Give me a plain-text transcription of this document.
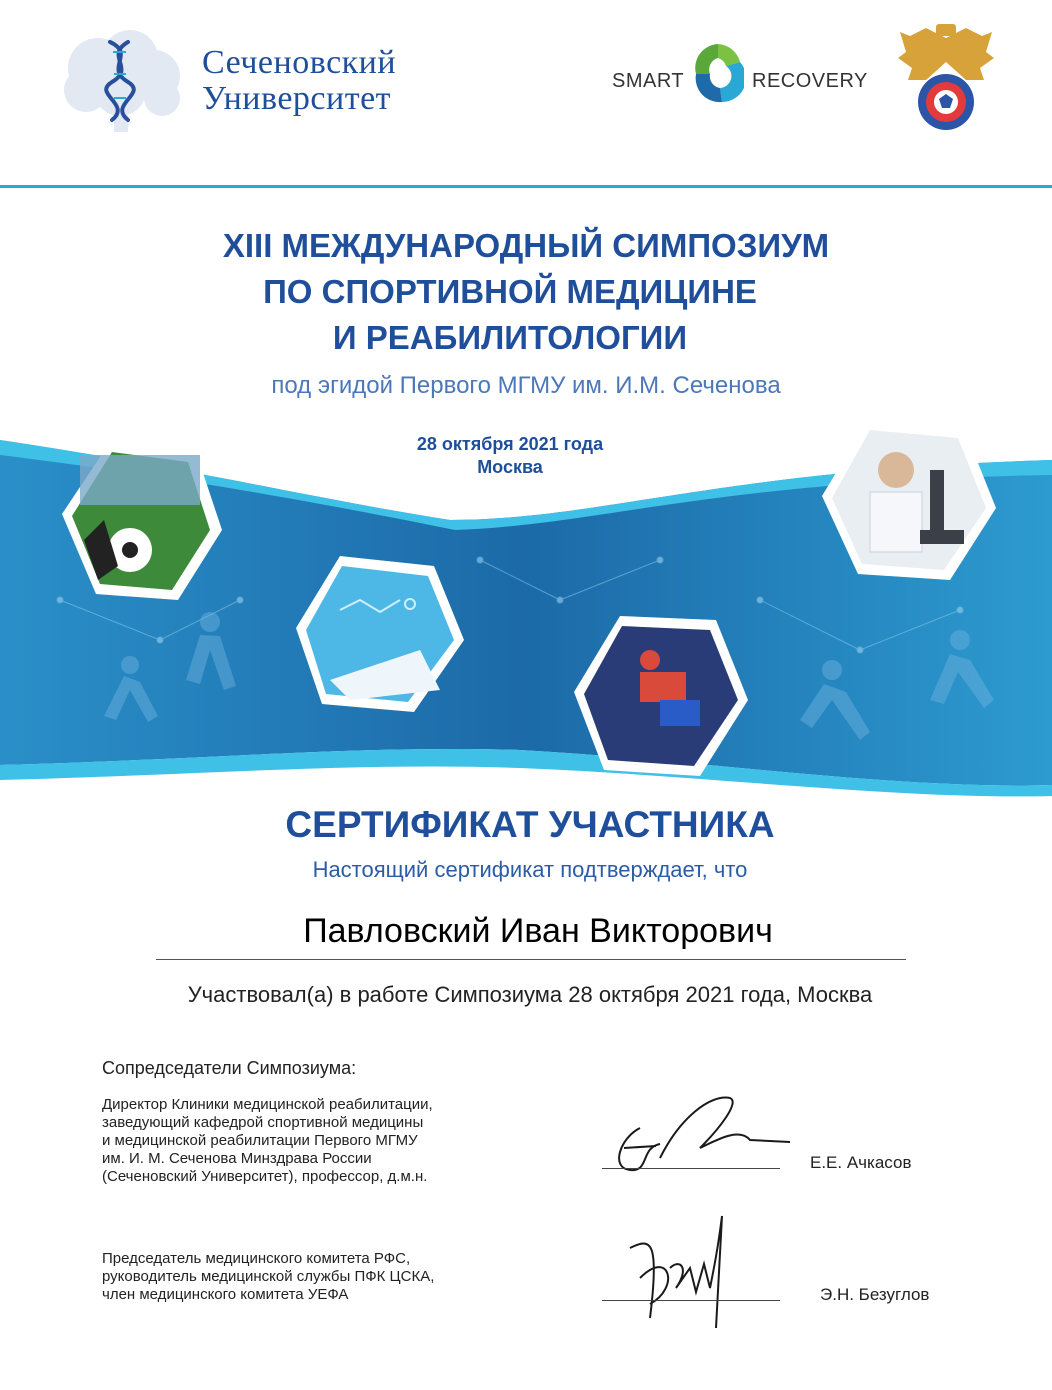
Сеченовский
Университет	SMART	RECOVERY
XIII МЕЖДУНАРОДНЫЙ СИМПОЗИУМ
ПО СПОРТИВНОЙ МЕДИЦИНЕ
И РЕАБИЛИТОЛОГИИ
под эгидой Первого МГМУ им. И.М. Сеченова
28 октября 2021 года
Москва
СЕРТИФИКАТ УЧАСТНИКА
Настоящий сертификат подтверждает, что
Павловский Иван Викторович
Участвовал(а) в работе Симпозиума 28 октября 2021 года, Москва
Сопредседатели Симпозиума:
Директор Клиники медицинской реабилитации,
заведующий кафедрой спортивной медицины
и медицинской реабилитации Первого МГМУ
им. И. М. Сеченова Минздрава России
(Сеченовский Университет), профессор, д.м.н.
Е.Е. Ачкасов
Председатель медицинского комитета РФС,
руководитель медицинской службы ПФК ЦСКА,
член медицинского комитета УЕФА	Э.Н. Безуглов
